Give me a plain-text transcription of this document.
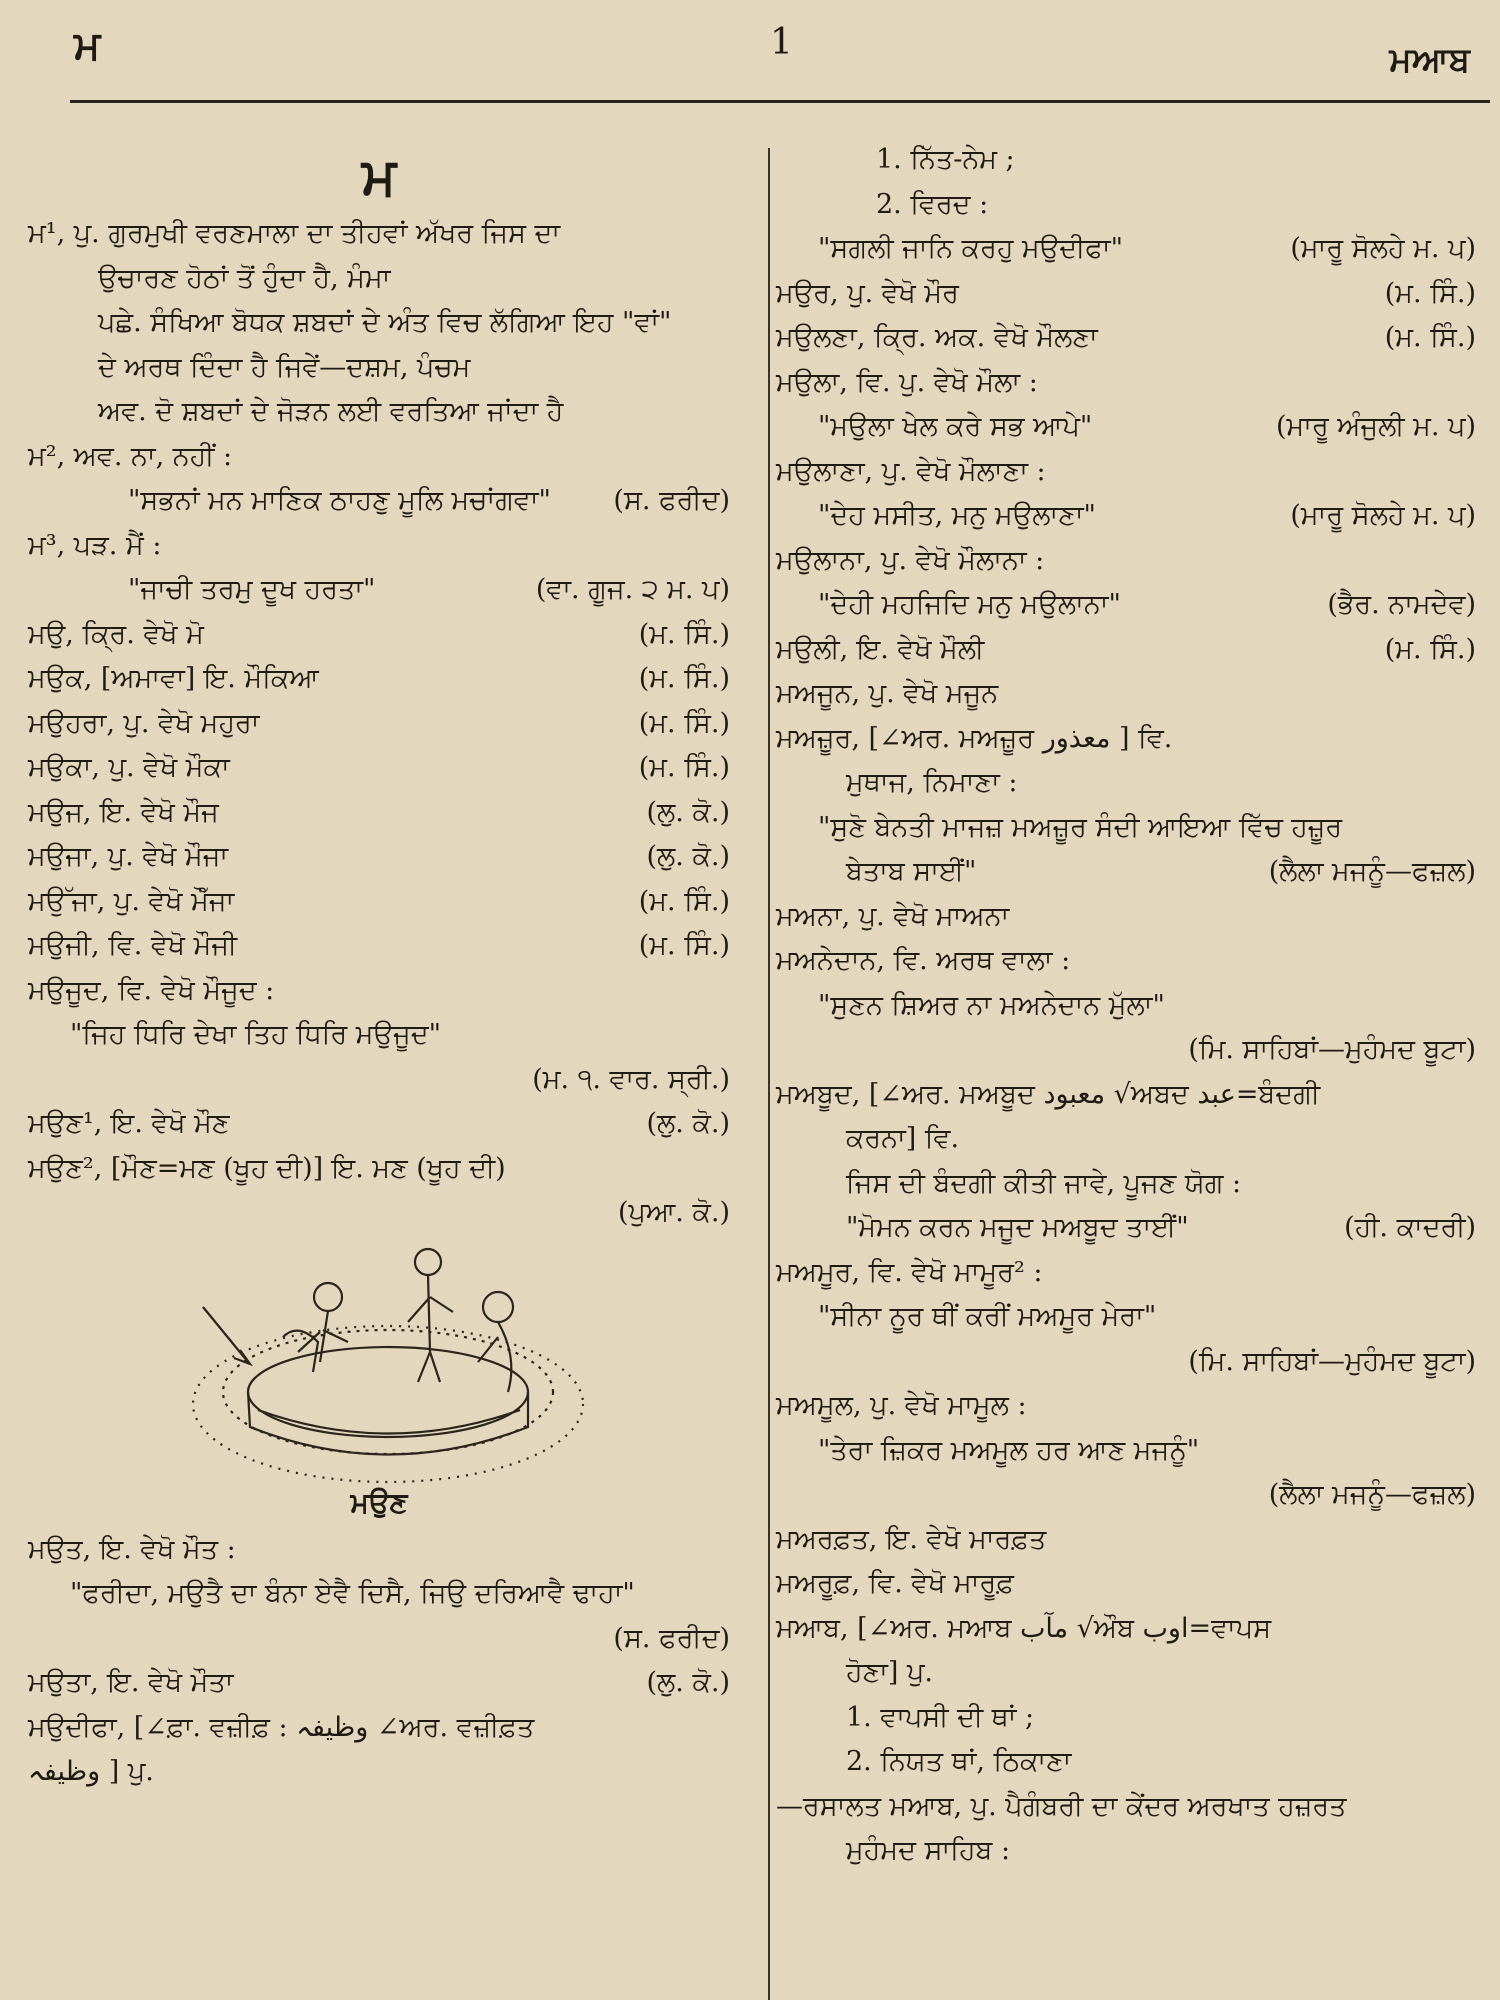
ਮ	1	ਮਆਬ
ਮ
ਮ¹, ਪੁ. ਗੁਰਮੁਖੀ ਵਰਣਮਾਲਾ ਦਾ ਤੀਹਵਾਂ ਅੱਖਰ ਜਿਸ ਦਾ
ਉਚਾਰਣ ਹੋਠਾਂ ਤੋਂ ਹੁੰਦਾ ਹੈ, ਮੰਮਾ
ਪਛੇ. ਸੰਖਿਆ ਬੋਧਕ ਸ਼ਬਦਾਂ ਦੇ ਅੰਤ ਵਿਚ ਲੱਗਿਆ ਇਹ "ਵਾਂ"
ਦੇ ਅਰਥ ਦਿੰਦਾ ਹੈ ਜਿਵੇਂ—ਦਸ਼ਮ, ਪੰਚਮ
ਅਵ. ਦੋ ਸ਼ਬਦਾਂ ਦੇ ਜੋੜਨ ਲਈ ਵਰਤਿਆ ਜਾਂਦਾ ਹੈ
ਮ², ਅਵ. ਨਾ, ਨਹੀਂ :
"ਸਭਨਾਂ ਮਨ ਮਾਣਿਕ ਠਾਹਣੁ ਮੂਲਿ ਮਚਾਂਗਵਾ" (ਸ. ਫਰੀਦ)
ਮ³, ਪੜ. ਮੈਂ :
"ਜਾਚੀ ਤਰਮੁ ਦੂਖ ਹਰਤਾ"	(ਵਾ. ਗੂਜ. ੨ ਮ. ਪ)
ਮਉ, ਕ੍ਰਿ. ਵੇਖੋ ਮੋ	(ਮ. ਸਿੰ.)
ਮਉਕ, [ਅਮਾਵਾ] ਇ. ਮੌਕਿਆ	(ਮ. ਸਿੰ.)
ਮਉਹਰਾ, ਪੁ. ਵੇਖੋ ਮਹੁਰਾ	(ਮ. ਸਿੰ.)
ਮਉਕਾ, ਪੁ. ਵੇਖੋ ਮੌਕਾ	(ਮ. ਸਿੰ.)
ਮਉਜ, ਇ. ਵੇਖੋ ਮੌਜ	(ਲੁ. ਕੋ.)
ਮਉਜਾ, ਪੁ. ਵੇਖੋ ਮੌਜਾ	(ਲੁ. ਕੋ.)
ਮਉੱਜਾ, ਪੁ. ਵੇਖੋ ਮੌੱਜਾ	(ਮ. ਸਿੰ.)
ਮਉਜੀ, ਵਿ. ਵੇਖੋ ਮੌਜੀ	(ਮ. ਸਿੰ.)
ਮਉਜੂਦ, ਵਿ. ਵੇਖੋ ਮੌਜੂਦ :
"ਜਿਹ ਧਿਰਿ ਦੇਖਾ ਤਿਹ ਧਿਰਿ ਮਉਜੂਦ"
(ਮ. ੧. ਵਾਰ. ਸ੍ਰੀ.)
ਮਉਣ¹, ਇ. ਵੇਖੋ ਮੌਣ	(ਲੁ. ਕੋ.)
ਮਉਣ², [ਮੌਣ=ਮਣ (ਖੂਹ ਦੀ)] ਇ. ਮਣ (ਖੂਹ ਦੀ)
(ਪੁਆ. ਕੋ.)
ਮਉਣ
ਮਉਤ, ਇ. ਵੇਖੋ ਮੌਤ :
"ਫਰੀਦਾ, ਮਉਤੈ ਦਾ ਬੰਨਾ ਏਵੈ ਦਿਸੈ, ਜਿਉ ਦਰਿਆਵੈ ਢਾਹਾ"
(ਸ. ਫਰੀਦ)
ਮਉਤਾ, ਇ. ਵੇਖੋ ਮੌਤਾ	(ਲੁ. ਕੋ.)
ਮਉਦੀਫਾ, [∠ਫ਼ਾ. ਵਜ਼ੀਫ਼ : وظیفہ ∠ਅਰ. ਵਜ਼ੀਫ਼ਤ
وظیفہ ] ਪੁ.
1. ਨਿੱਤ-ਨੇਮ ;
2. ਵਿਰਦ :
"ਸਗਲੀ ਜਾਨਿ ਕਰਹੁ ਮਉਦੀਫਾ"	(ਮਾਰੂ ਸੋਲਹੇ ਮ. ਪ)
ਮਉਰ, ਪੁ. ਵੇਖੋ ਮੌਰ	(ਮ. ਸਿੰ.)
ਮਉਲਣਾ, ਕ੍ਰਿ. ਅਕ. ਵੇਖੋ ਮੌਲਣਾ	(ਮ. ਸਿੰ.)
ਮਉਲਾ, ਵਿ. ਪੁ. ਵੇਖੋ ਮੌਲਾ :
"ਮਉਲਾ ਖੇਲ ਕਰੇ ਸਭ ਆਪੇ"	(ਮਾਰੂ ਅੰਜੁਲੀ ਮ. ਪ)
ਮਉਲਾਣਾ, ਪੁ. ਵੇਖੋ ਮੌਲਾਣਾ :
"ਦੇਹ ਮਸੀਤ, ਮਨੁ ਮਉਲਾਣਾ"	(ਮਾਰੂ ਸੋਲਹੇ ਮ. ਪ)
ਮਉਲਾਨਾ, ਪੁ. ਵੇਖੋ ਮੌਲਾਨਾ :
"ਦੇਹੀ ਮਹਜਿਦਿ ਮਨੁ ਮਉਲਾਨਾ"	(ਭੈਰ. ਨਾਮਦੇਵ)
ਮਉਲੀ, ਇ. ਵੇਖੋ ਮੌਲੀ	(ਮ. ਸਿੰ.)
ਮਅਜੂਨ, ਪੁ. ਵੇਖੋ ਮਜੂਨ
ਮਅਜ਼ੂਰ, [∠ਅਰ. ਮਅਜ਼ੂਰ معذور ] ਵਿ.
ਮੁਥਾਜ, ਨਿਮਾਣਾ :
"ਸੁਣੋ ਬੇਨਤੀ ਮਾਜਜ਼ ਮਅਜ਼ੂਰ ਸੰਦੀ ਆਇਆ ਵਿੱਚ ਹਜ਼ੂਰ
ਬੇਤਾਬ ਸਾਈਂ"	(ਲੈਲਾ ਮਜਨੂੰ—ਫਜ਼ਲ)
ਮਅਨਾ, ਪੁ. ਵੇਖੋ ਮਾਅਨਾ
ਮਅਨੇਦਾਨ, ਵਿ. ਅਰਥ ਵਾਲਾ :
"ਸੁਣਨ ਸ਼ਿਅਰ ਨਾ ਮਅਨੇਦਾਨ ਮੁੱਲਾ"
(ਮਿ. ਸਾਹਿਬਾਂ—ਮੁਹੰਮਦ ਬੂਟਾ)
ਮਅਬੂਦ, [∠ਅਰ. ਮਅਬੂਦ معبود √ਅਬਦ عبد=ਬੰਦਗੀ
ਕਰਨਾ] ਵਿ.
ਜਿਸ ਦੀ ਬੰਦਗੀ ਕੀਤੀ ਜਾਵੇ, ਪੂਜਣ ਯੋਗ :
"ਮੋਮਨ ਕਰਨ ਮਜੂਦ ਮਅਬੂਦ ਤਾਈਂ"	(ਹੀ. ਕਾਦਰੀ)
ਮਅਮੂਰ, ਵਿ. ਵੇਖੋ ਮਾਮੂਰ² :
"ਸੀਨਾ ਨੂਰ ਥੀਂ ਕਰੀਂ ਮਅਮੂਰ ਮੇਰਾ"
(ਮਿ. ਸਾਹਿਬਾਂ—ਮੁਹੰਮਦ ਬੂਟਾ)
ਮਅਮੂਲ, ਪੁ. ਵੇਖੋ ਮਾਮੂਲ :
"ਤੇਰਾ ਜ਼ਿਕਰ ਮਅਮੂਲ ਹਰ ਆਣ ਮਜਨੂੰ"
(ਲੈਲਾ ਮਜਨੂੰ—ਫਜ਼ਲ)
ਮਅਰਫ਼ਤ, ਇ. ਵੇਖੋ ਮਾਰਫ਼ਤ
ਮਅਰੂਫ਼, ਵਿ. ਵੇਖੋ ਮਾਰੂਫ਼
ਮਆਬ, [∠ਅਰ. ਮਆਬ مآب √ਔਬ اوب=ਵਾਪਸ
ਹੋਣਾ] ਪੁ.
1. ਵਾਪਸੀ ਦੀ ਥਾਂ ;
2. ਨਿਯਤ ਥਾਂ, ਠਿਕਾਣਾ
—ਰਸਾਲਤ ਮਆਬ, ਪੁ. ਪੈਗੰਬਰੀ ਦਾ ਕੇਂਦਰ ਅਰਖਾਤ ਹਜ਼ਰਤ
ਮੁਹੰਮਦ ਸਾਹਿਬ :
